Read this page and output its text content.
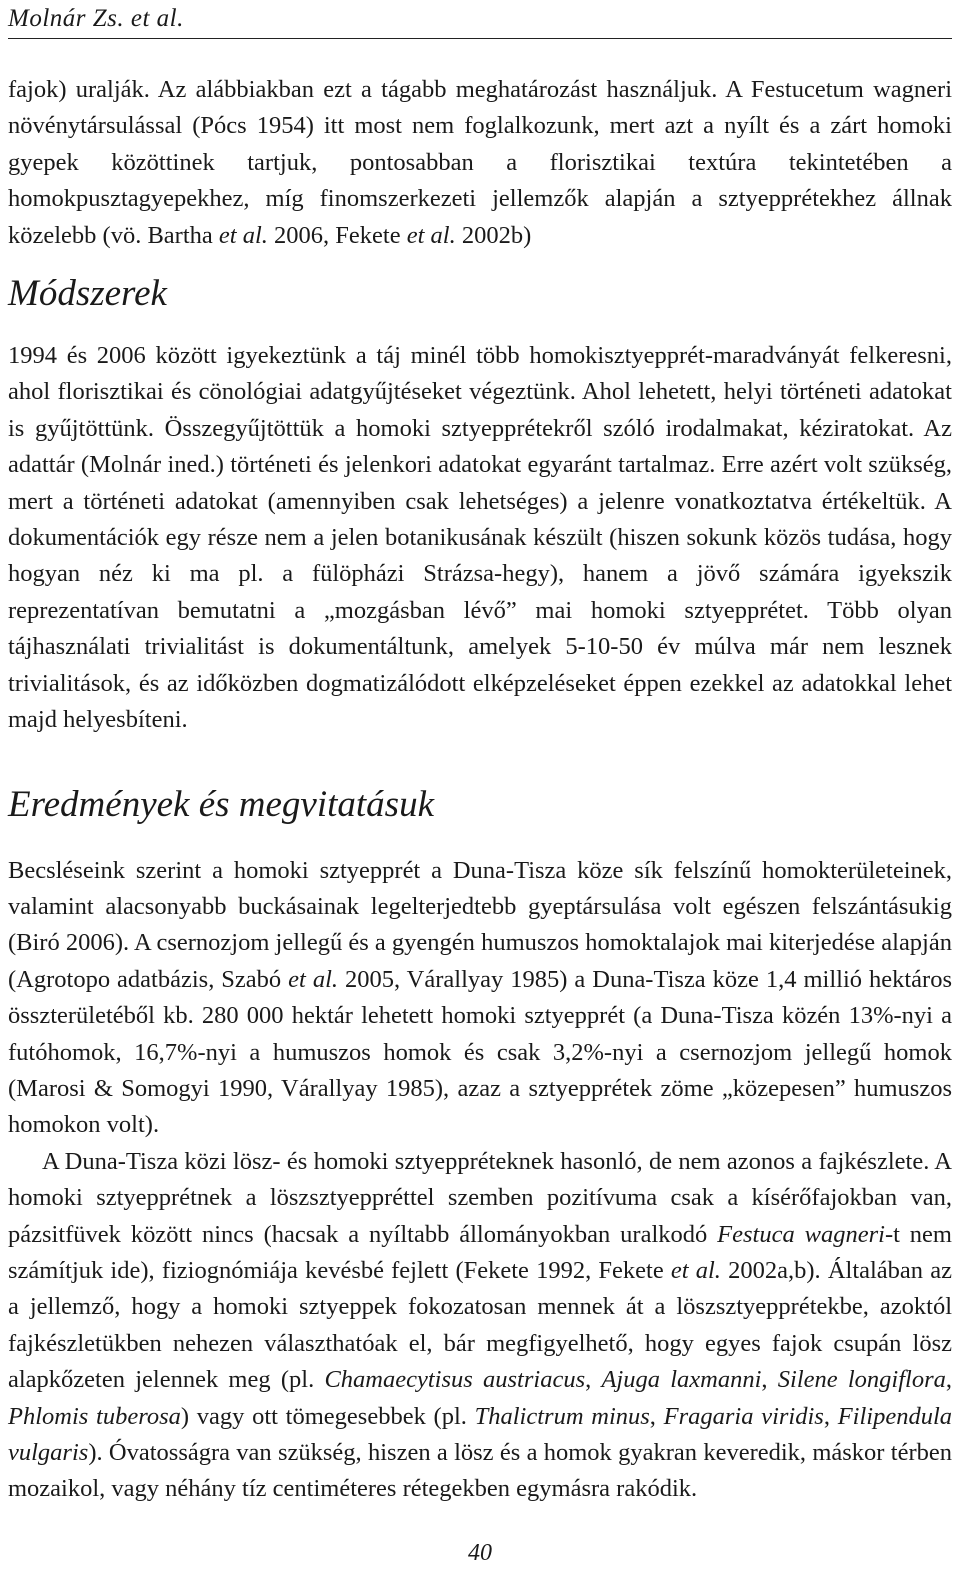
Molnár Zs. et al.

fajok) uralják. Az alábbiakban ezt a tágabb meghatározást használjuk. A Festucetum wagneri növénytársulással (Pócs 1954) itt most nem foglalkozunk, mert azt a nyílt és a zárt homoki gyepek közöttinek tartjuk, pontosabban a florisztikai textúra tekintetében a homokpusztagyepekhez, míg finomszerkezeti jellemzők alapján a sztyepprétekhez állnak közelebb (vö. Bartha et al. 2006, Fekete et al. 2002b)

Módszerek

1994 és 2006 között igyekeztünk a táj minél több homokisztyepprét-maradványát felkeresni, ahol florisztikai és cönológiai adatgyűjtéseket végeztünk. Ahol lehetett, helyi történeti adatokat is gyűjtöttünk. Összegyűjtöttük a homoki sztyepprétekről szóló irodalmakat, kéziratokat. Az adattár (Molnár ined.) történeti és jelenkori adatokat egyaránt tartalmaz. Erre azért volt szükség, mert a történeti adatokat (amennyiben csak lehetséges) a jelenre vonatkoztatva értékeltük. A dokumentációk egy része nem a jelen botanikusának készült (hiszen sokunk közös tudása, hogy hogyan néz ki ma pl. a fülöpházi Strázsa-hegy), hanem a jövő számára igyekszik reprezentatívan bemutatni a „mozgásban lévő” mai homoki sztyepprétet. Több olyan tájhasználati trivialitást is dokumentáltunk, amelyek 5-10-50 év múlva már nem lesznek trivialitások, és az időközben dogmatizálódott elképzeléseket éppen ezekkel az adatokkal lehet majd helyesbíteni.

Eredmények és megvitatásuk

Becsléseink szerint a homoki sztyepprét a Duna-Tisza köze sík felszínű homokterületeinek, valamint alacsonyabb buckásainak legelterjedtebb gyeptársulása volt egészen felszántásukig (Biró 2006). A csernozjom jellegű és a gyengén humuszos homoktalajok mai kiterjedése alapján (Agrotopo adatbázis, Szabó et al. 2005, Várallyay 1985) a Duna-Tisza köze 1,4 millió hektáros összterületéből kb. 280 000 hektár lehetett homoki sztyepprét (a Duna-Tisza közén 13%-nyi a futóhomok, 16,7%-nyi a humuszos homok és csak 3,2%-nyi a csernozjom jellegű homok (Marosi & Somogyi 1990, Várallyay 1985), azaz a sztyepprétek zöme „közepesen” humuszos homokon volt).

A Duna-Tisza közi lösz- és homoki sztyeppréteknek hasonló, de nem azonos a fajkészlete. A homoki sztyepprétnek a löszsztyeppréttel szemben pozitívuma csak a kísérőfajokban van, pázsitfüvek között nincs (hacsak a nyíltabb állományokban uralkodó Festuca wagneri-t nem számítjuk ide), fiziognómiája kevésbé fejlett (Fekete 1992, Fekete et al. 2002a,b). Általában az a jellemző, hogy a homoki sztyeppek fokozatosan mennek át a löszsztyepprétekbe, azoktól fajkészletükben nehezen választhatóak el, bár megfigyelhető, hogy egyes fajok csupán lösz alapkőzeten jelennek meg (pl. Chamaecytisus austriacus, Ajuga laxmanni, Silene longiflora, Phlomis tuberosa) vagy ott tömegesebbek (pl. Thalictrum minus, Fragaria viridis, Filipendula vulgaris). Óvatosságra van szükség, hiszen a lösz és a homok gyakran keveredik, máskor térben mozaikol, vagy néhány tíz centiméteres rétegekben egymásra rakódik.

40
